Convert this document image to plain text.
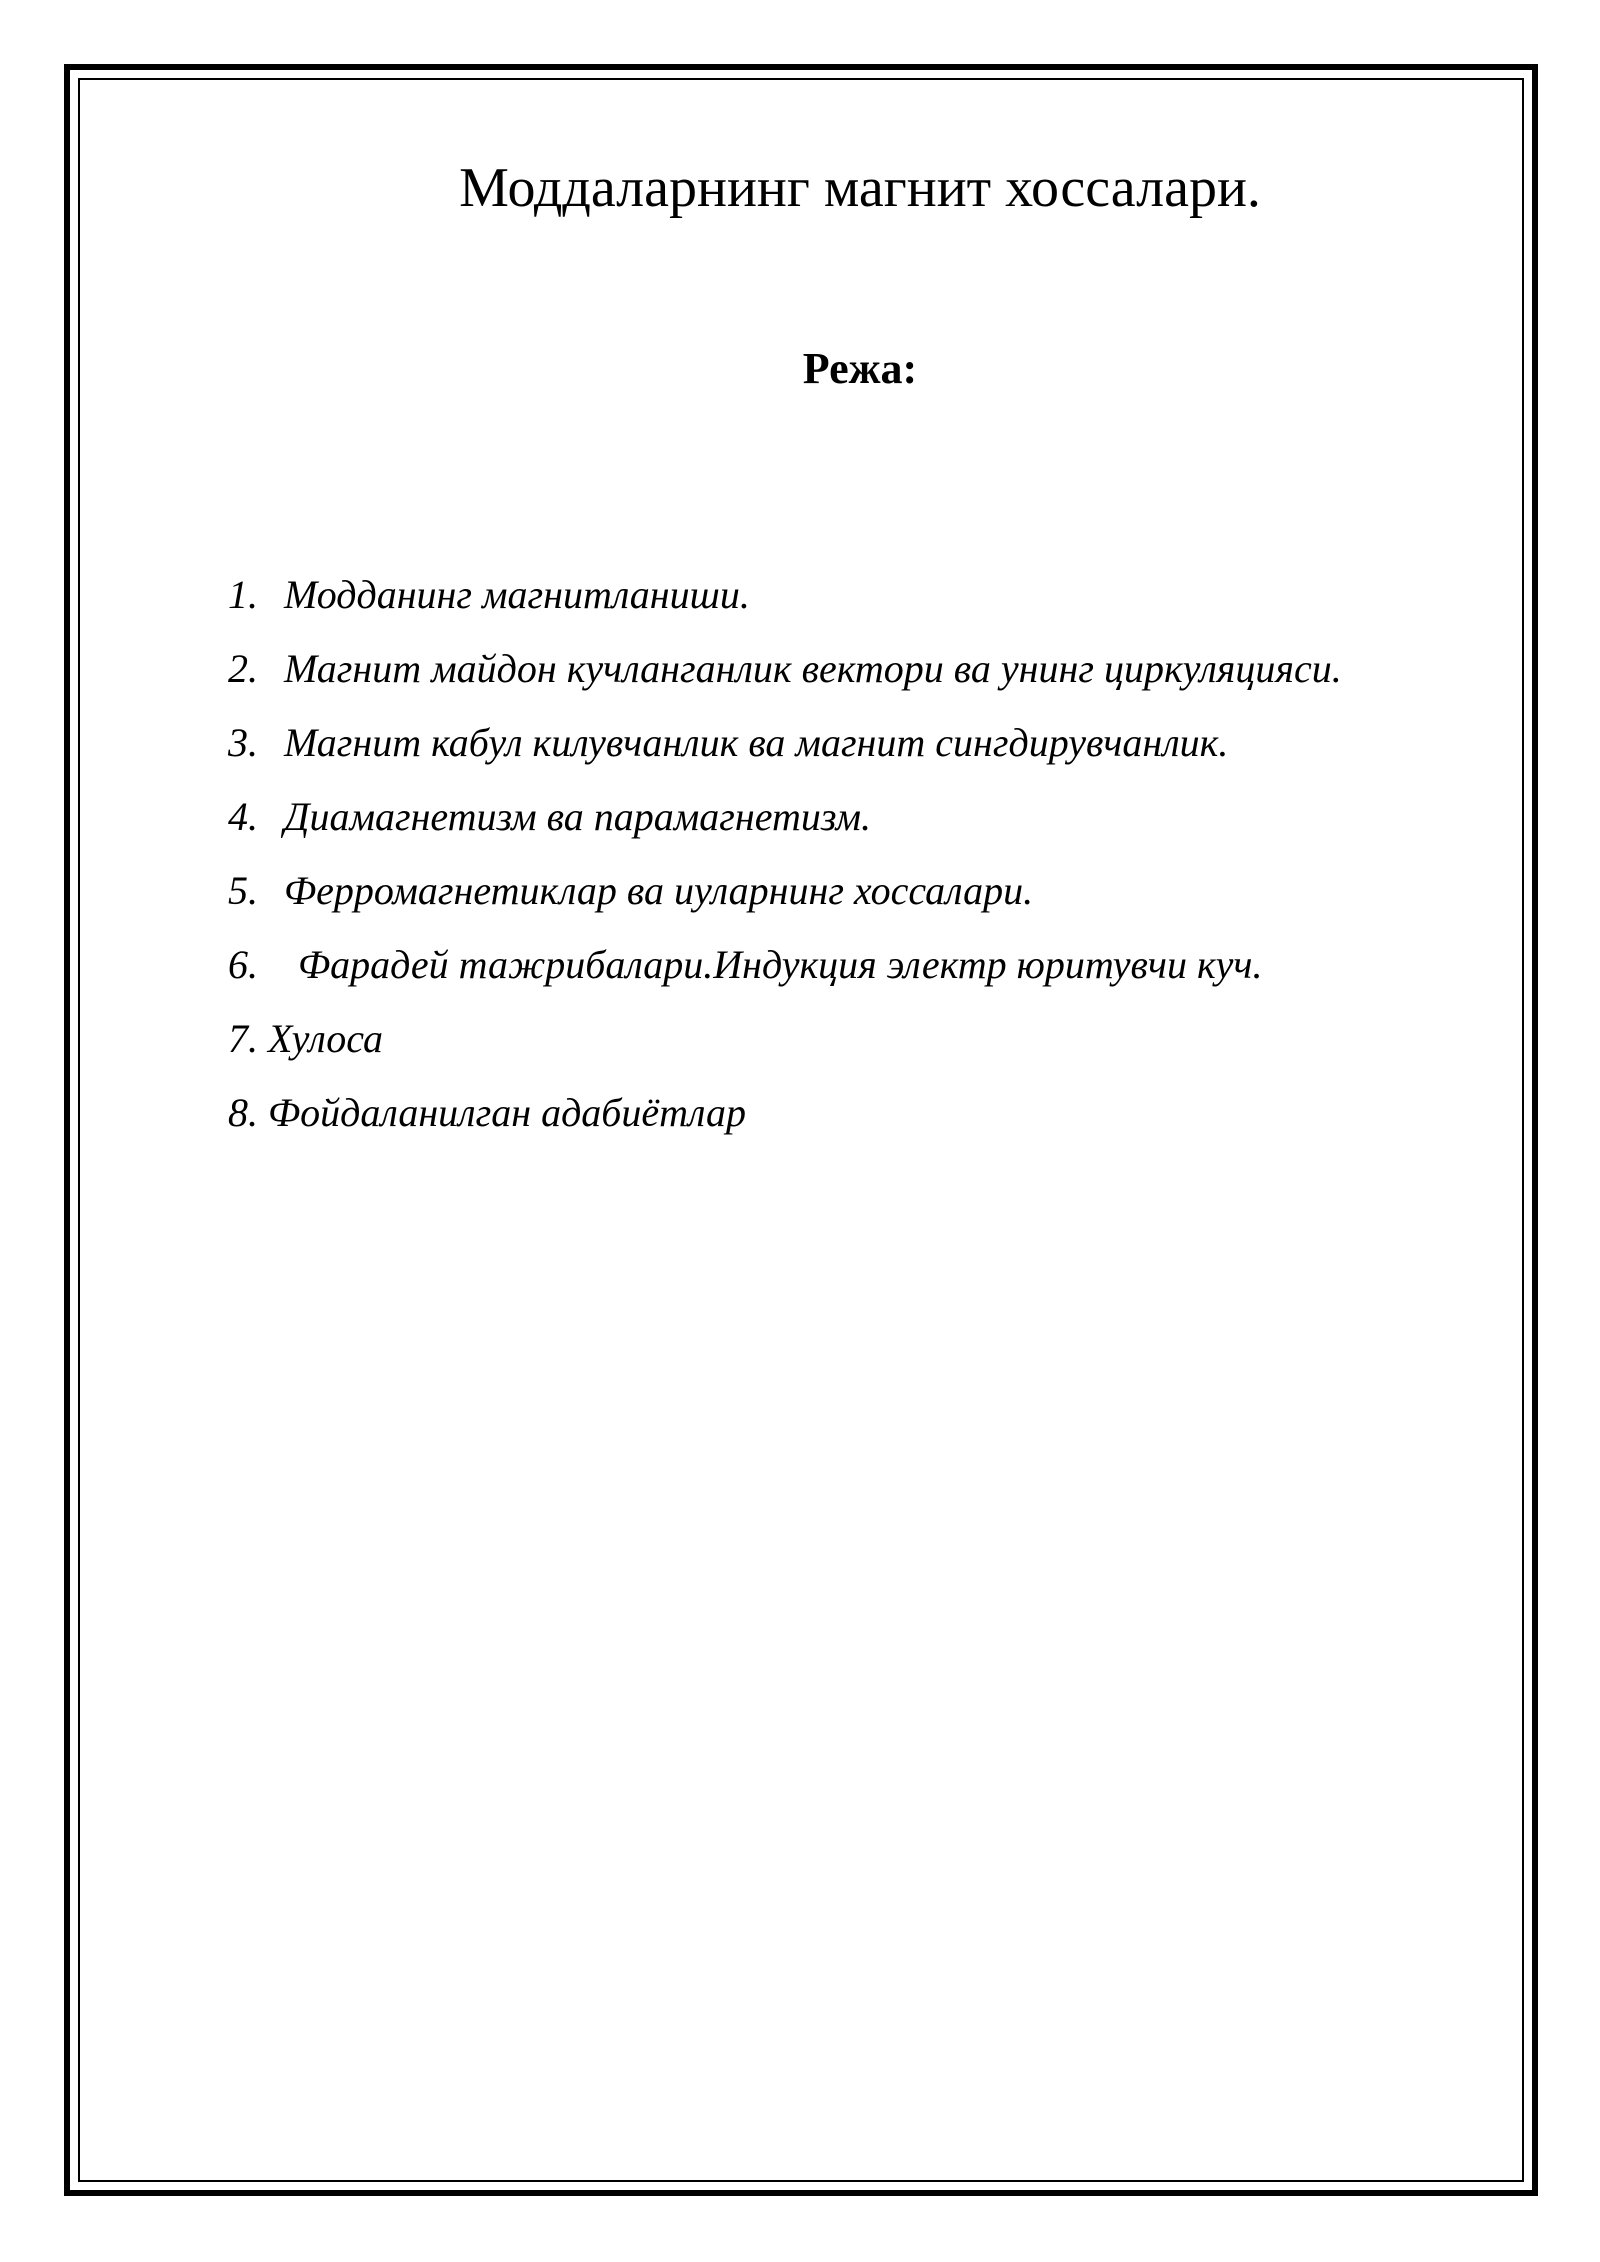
Моддаларнинг магнит хоссалари.
Режа:
1. Модданинг магнитланиши.
2. Магнит майдон кучланганлик вектори ва унинг циркуляцияси.
3. Магнит кабул килувчанлик ва магнит сингдирувчанлик.
4. Диамагнетизм ва парамагнетизм.
5. Ферромагнетиклар ва иуларнинг хоссалари.
6. Фарадей тажрибалари.Индукция электр юритувчи куч.
7. Хулоса
8. Фойдаланилган адабиётлар
